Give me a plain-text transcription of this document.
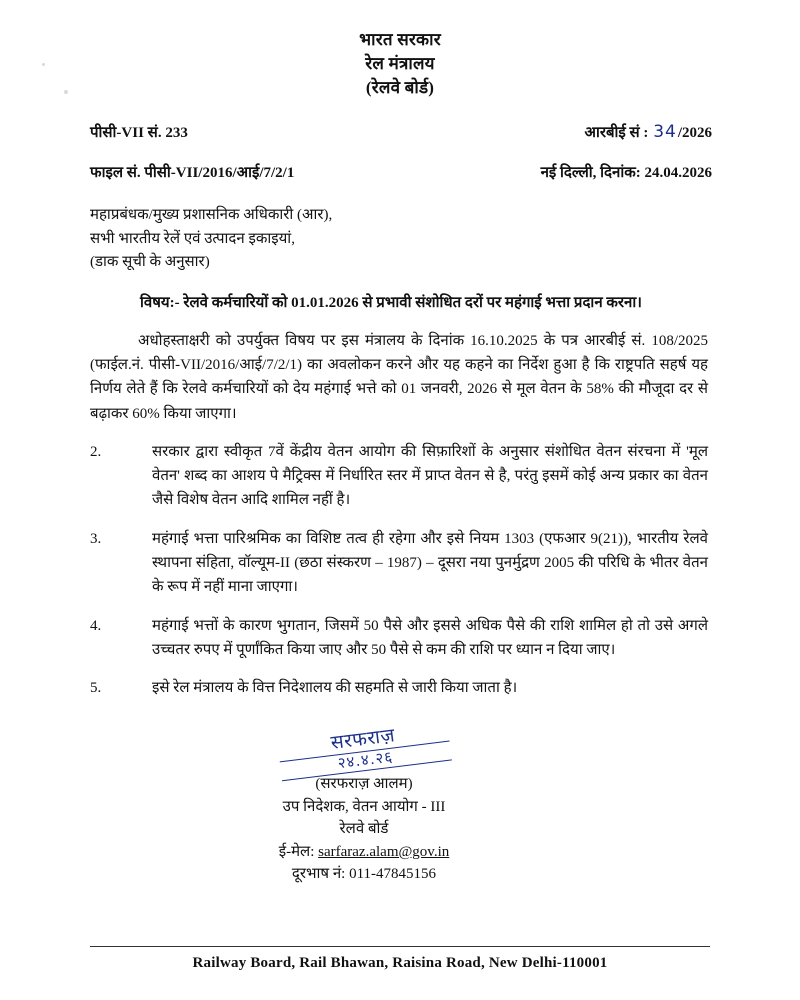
भारत सरकार
रेल मंत्रालय
(रेलवे बोर्ड)
पीसी-VII सं. 233	आरबीई सं : 34/2026
फाइल सं. पीसी-VII/2016/आई/7/2/1	नई दिल्ली, दिनांक: 24.04.2026
महाप्रबंधक/मुख्य प्रशासनिक अधिकारी (आर),
सभी भारतीय रेलें एवं उत्पादन इकाइयां,
(डाक सूची के अनुसार)
विषय:- रेलवे कर्मचारियों को 01.01.2026 से प्रभावी संशोधित दरों पर महंगाई भत्ता प्रदान करना।
अधोहस्ताक्षरी को उपर्युक्त विषय पर इस मंत्रालय के दिनांक 16.10.2025 के पत्र आरबीई सं. 108/2025 (फाईल.नं. पीसी-VII/2016/आई/7/2/1) का अवलोकन करने और यह कहने का निर्देश हुआ है कि राष्ट्रपति सहर्ष यह निर्णय लेते हैं कि रेलवे कर्मचारियों को देय महंगाई भत्ते को 01 जनवरी, 2026 से मूल वेतन के 58% की मौजूदा दर से बढ़ाकर 60% किया जाएगा।
2.	सरकार द्वारा स्वीकृत 7वें केंद्रीय वेतन आयोग की सिफ़ारिशों के अनुसार संशोधित वेतन संरचना में 'मूल वेतन' शब्द का आशय पे मैट्रिक्स में निर्धारित स्तर में प्राप्त वेतन से है, परंतु इसमें कोई अन्य प्रकार का वेतन जैसे विशेष वेतन आदि शामिल नहीं है।
3.	महंगाई भत्ता पारिश्रमिक का विशिष्ट तत्व ही रहेगा और इसे नियम 1303 (एफआर 9(21)), भारतीय रेलवे स्थापना संहिता, वॉल्यूम-II (छठा संस्करण – 1987) – दूसरा नया पुनर्मुद्रण 2005 की परिधि के भीतर वेतन के रूप में नहीं माना जाएगा।
4.	महंगाई भत्तों के कारण भुगतान, जिसमें 50 पैसे और इससे अधिक पैसे की राशि शामिल हो तो उसे अगले उच्चतर रुपए में पूर्णांकित किया जाए और 50 पैसे से कम की राशि पर ध्यान न दिया जाए।
5.	इसे रेल मंत्रालय के वित्त निदेशालय की सहमति से जारी किया जाता है।
सरफराज़
२४.४.२६
(सरफराज़ आलम)
उप निदेशक, वेतन आयोग - III
रेलवे बोर्ड
ई-मेल: sarfaraz.alam@gov.in
दूरभाष नं: 011-47845156
Railway Board, Rail Bhawan, Raisina Road, New Delhi-110001
